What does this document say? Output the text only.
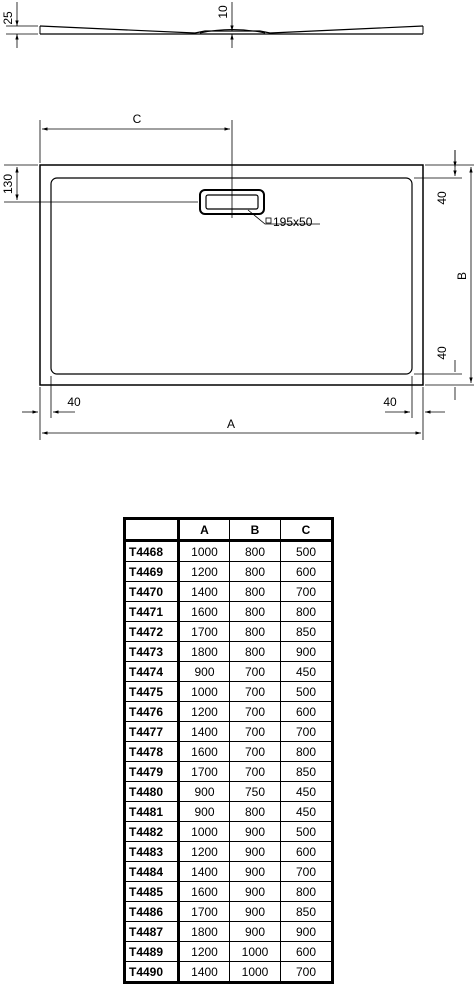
25	10
C
130
195x50
40
B
40
40	40
A
	A	B	C
T4468	1000	800	500
T4469	1200	800	600
T4470	1400	800	700
T4471	1600	800	800
T4472	1700	800	850
T4473	1800	800	900
T4474	900	700	450
T4475	1000	700	500
T4476	1200	700	600
T4477	1400	700	700
T4478	1600	700	800
T4479	1700	700	850
T4480	900	750	450
T4481	900	800	450
T4482	1000	900	500
T4483	1200	900	600
T4484	1400	900	700
T4485	1600	900	800
T4486	1700	900	850
T4487	1800	900	900
T4489	1200	1000	600
T4490	1400	1000	700
